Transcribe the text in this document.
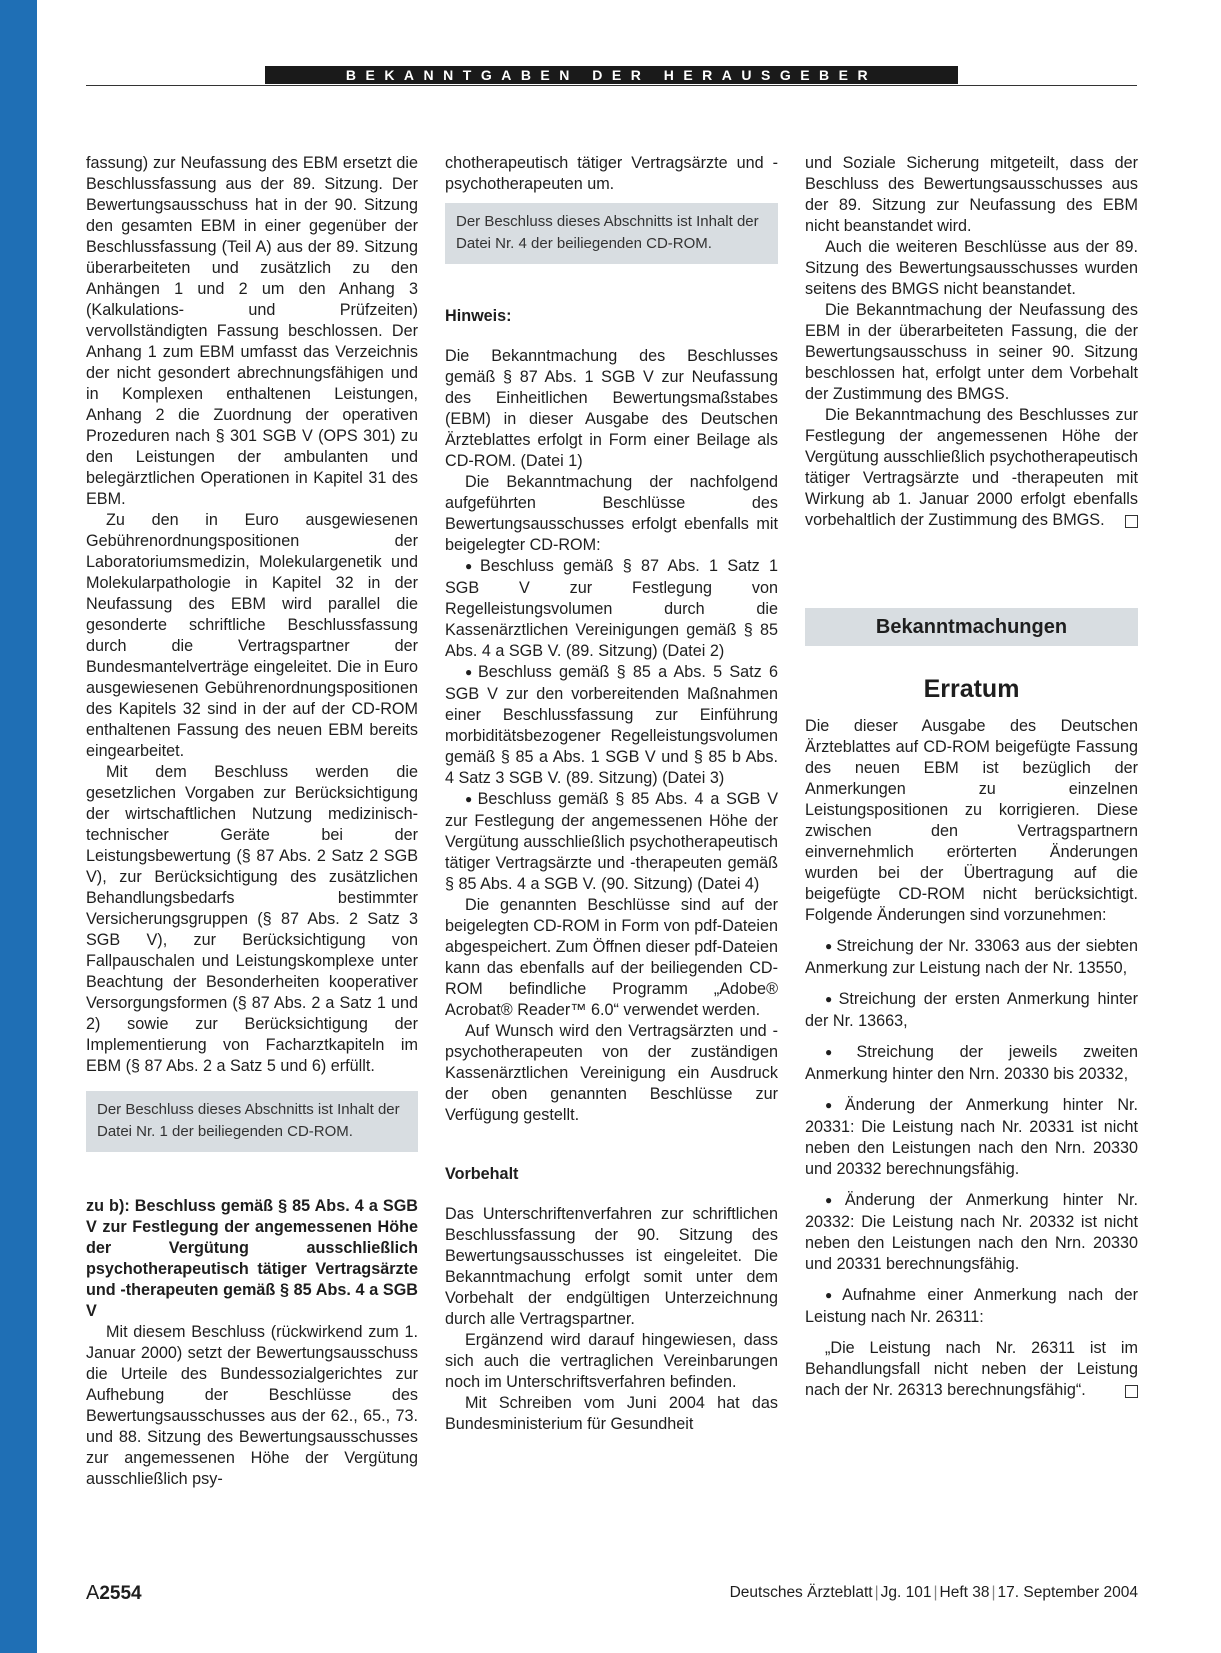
BEKANNTGABEN DER HERAUSGEBER

fassung) zur Neufassung des EBM ersetzt die Beschlussfassung aus der 89. Sitzung. Der Bewertungsausschuss hat in der 90. Sitzung den gesamten EBM in einer gegenüber der Beschlussfassung (Teil A) aus der 89. Sitzung überarbeiteten und zusätzlich zu den Anhängen 1 und 2 um den Anhang 3 (Kalkulations- und Prüfzeiten) vervollständigten Fassung beschlossen. Der Anhang 1 zum EBM umfasst das Verzeichnis der nicht gesondert abrechnungsfähigen und in Komplexen enthaltenen Leistungen, Anhang 2 die Zuordnung der operativen Prozeduren nach § 301 SGB V (OPS 301) zu den Leistungen der ambulanten und belegärztlichen Operationen in Kapitel 31 des EBM.

Zu den in Euro ausgewiesenen Gebührenordnungspositionen der Laboratoriumsmedizin, Molekulargenetik und Molekularpathologie in Kapitel 32 in der Neufassung des EBM wird parallel die gesonderte schriftliche Beschlussfassung durch die Vertragspartner der Bundesmantelverträge eingeleitet. Die in Euro ausgewiesenen Gebührenordnungspositionen des Kapitels 32 sind in der auf der CD-ROM enthaltenen Fassung des neuen EBM bereits eingearbeitet.

Mit dem Beschluss werden die gesetzlichen Vorgaben zur Berücksichtigung der wirtschaftlichen Nutzung medizinisch-technischer Geräte bei der Leistungsbewertung (§ 87 Abs. 2 Satz 2 SGB V), zur Berücksichtigung des zusätzlichen Behandlungsbedarfs bestimmter Versicherungsgruppen (§ 87 Abs. 2 Satz 3 SGB V), zur Berücksichtigung von Fallpauschalen und Leistungskomplexe unter Beachtung der Besonderheiten kooperativer Versorgungsformen (§ 87 Abs. 2 a Satz 1 und 2) sowie zur Berücksichtigung der Implementierung von Facharztkapiteln im EBM (§ 87 Abs. 2 a Satz 5 und 6) erfüllt.

Der Beschluss dieses Abschnitts ist Inhalt der Datei Nr. 1 der beiliegenden CD-ROM.

zu b): Beschluss gemäß § 85 Abs. 4 a SGB V zur Festlegung der angemessenen Höhe der Vergütung ausschließlich psychotherapeutisch tätiger Vertragsärzte und -therapeuten gemäß § 85 Abs. 4 a SGB V

Mit diesem Beschluss (rückwirkend zum 1. Januar 2000) setzt der Bewertungsausschuss die Urteile des Bundessozialgerichtes zur Aufhebung der Beschlüsse des Bewertungsausschusses aus der 62., 65., 73. und 88. Sitzung des Bewertungsausschusses zur angemessenen Höhe der Vergütung ausschließlich psy-

chotherapeutisch tätiger Vertragsärzte und -psychotherapeuten um.

Der Beschluss dieses Abschnitts ist Inhalt der Datei Nr. 4 der beiliegenden CD-ROM.

Hinweis:

Die Bekanntmachung des Beschlusses gemäß § 87 Abs. 1 SGB V zur Neufassung des Einheitlichen Bewertungsmaßstabes (EBM) in dieser Ausgabe des Deutschen Ärzteblattes erfolgt in Form einer Beilage als CD-ROM. (Datei 1)

Die Bekanntmachung der nachfolgend aufgeführten Beschlüsse des Bewertungsausschusses erfolgt ebenfalls mit beigelegter CD-ROM:

● Beschluss gemäß § 87 Abs. 1 Satz 1 SGB V zur Festlegung von Regelleistungsvolumen durch die Kassenärztlichen Vereinigungen gemäß § 85 Abs. 4 a SGB V. (89. Sitzung) (Datei 2)

● Beschluss gemäß § 85 a Abs. 5 Satz 6 SGB V zur den vorbereitenden Maßnahmen einer Beschlussfassung zur Einführung morbiditätsbezogener Regelleistungsvolumen gemäß § 85 a Abs. 1 SGB V und § 85 b Abs. 4 Satz 3 SGB V. (89. Sitzung) (Datei 3)

● Beschluss gemäß § 85 Abs. 4 a SGB V zur Festlegung der angemessenen Höhe der Vergütung ausschließlich psychotherapeutisch tätiger Vertragsärzte und -therapeuten gemäß § 85 Abs. 4 a SGB V. (90. Sitzung) (Datei 4)

Die genannten Beschlüsse sind auf der beigelegten CD-ROM in Form von pdf-Dateien abgespeichert. Zum Öffnen dieser pdf-Dateien kann das ebenfalls auf der beiliegenden CD-ROM befindliche Programm „Adobe® Acrobat® Reader™ 6.0“ verwendet werden.

Auf Wunsch wird den Vertragsärzten und -psychotherapeuten von der zuständigen Kassenärztlichen Vereinigung ein Ausdruck der oben genannten Beschlüsse zur Verfügung gestellt.

Vorbehalt

Das Unterschriftenverfahren zur schriftlichen Beschlussfassung der 90. Sitzung des Bewertungsausschusses ist eingeleitet. Die Bekanntmachung erfolgt somit unter dem Vorbehalt der endgültigen Unterzeichnung durch alle Vertragspartner.

Ergänzend wird darauf hingewiesen, dass sich auch die vertraglichen Vereinbarungen noch im Unterschriftsverfahren befinden.

Mit Schreiben vom Juni 2004 hat das Bundesministerium für Gesundheit

und Soziale Sicherung mitgeteilt, dass der Beschluss des Bewertungsausschusses aus der 89. Sitzung zur Neufassung des EBM nicht beanstandet wird.

Auch die weiteren Beschlüsse aus der 89. Sitzung des Bewertungsausschusses wurden seitens des BMGS nicht beanstandet.

Die Bekanntmachung der Neufassung des EBM in der überarbeiteten Fassung, die der Bewertungsausschuss in seiner 90. Sitzung beschlossen hat, erfolgt unter dem Vorbehalt der Zustimmung des BMGS.

Die Bekanntmachung des Beschlusses zur Festlegung der angemessenen Höhe der Vergütung ausschließlich psychotherapeutisch tätiger Vertragsärzte und -therapeuten mit Wirkung ab 1. Januar 2000 erfolgt ebenfalls vorbehaltlich der Zustimmung des BMGS.

Bekanntmachungen
Erratum

Die dieser Ausgabe des Deutschen Ärzteblattes auf CD-ROM beigefügte Fassung des neuen EBM ist bezüglich der Anmerkungen zu einzelnen Leistungspositionen zu korrigieren. Diese zwischen den Vertragspartnern einvernehmlich erörterten Änderungen wurden bei der Übertragung auf die beigefügte CD-ROM nicht berücksichtigt. Folgende Änderungen sind vorzunehmen:

● Streichung der Nr. 33063 aus der siebten Anmerkung zur Leistung nach der Nr. 13550,

● Streichung der ersten Anmerkung hinter der Nr. 13663,

● Streichung der jeweils zweiten Anmerkung hinter den Nrn. 20330 bis 20332,

● Änderung der Anmerkung hinter Nr. 20331: Die Leistung nach Nr. 20331 ist nicht neben den Leistungen nach den Nrn. 20330 und 20332 berechnungsfähig.

● Änderung der Anmerkung hinter Nr. 20332: Die Leistung nach Nr. 20332 ist nicht neben den Leistungen nach den Nrn. 20330 und 20331 berechnungsfähig.

● Aufnahme einer Anmerkung nach der Leistung nach Nr. 26311:

„Die Leistung nach Nr. 26311 ist im Behandlungsfall nicht neben der Leistung nach der Nr. 26313 berechnungsfähig“.

A2554	Deutsches Ärzteblatt | Jg. 101 | Heft 38 | 17. September 2004
